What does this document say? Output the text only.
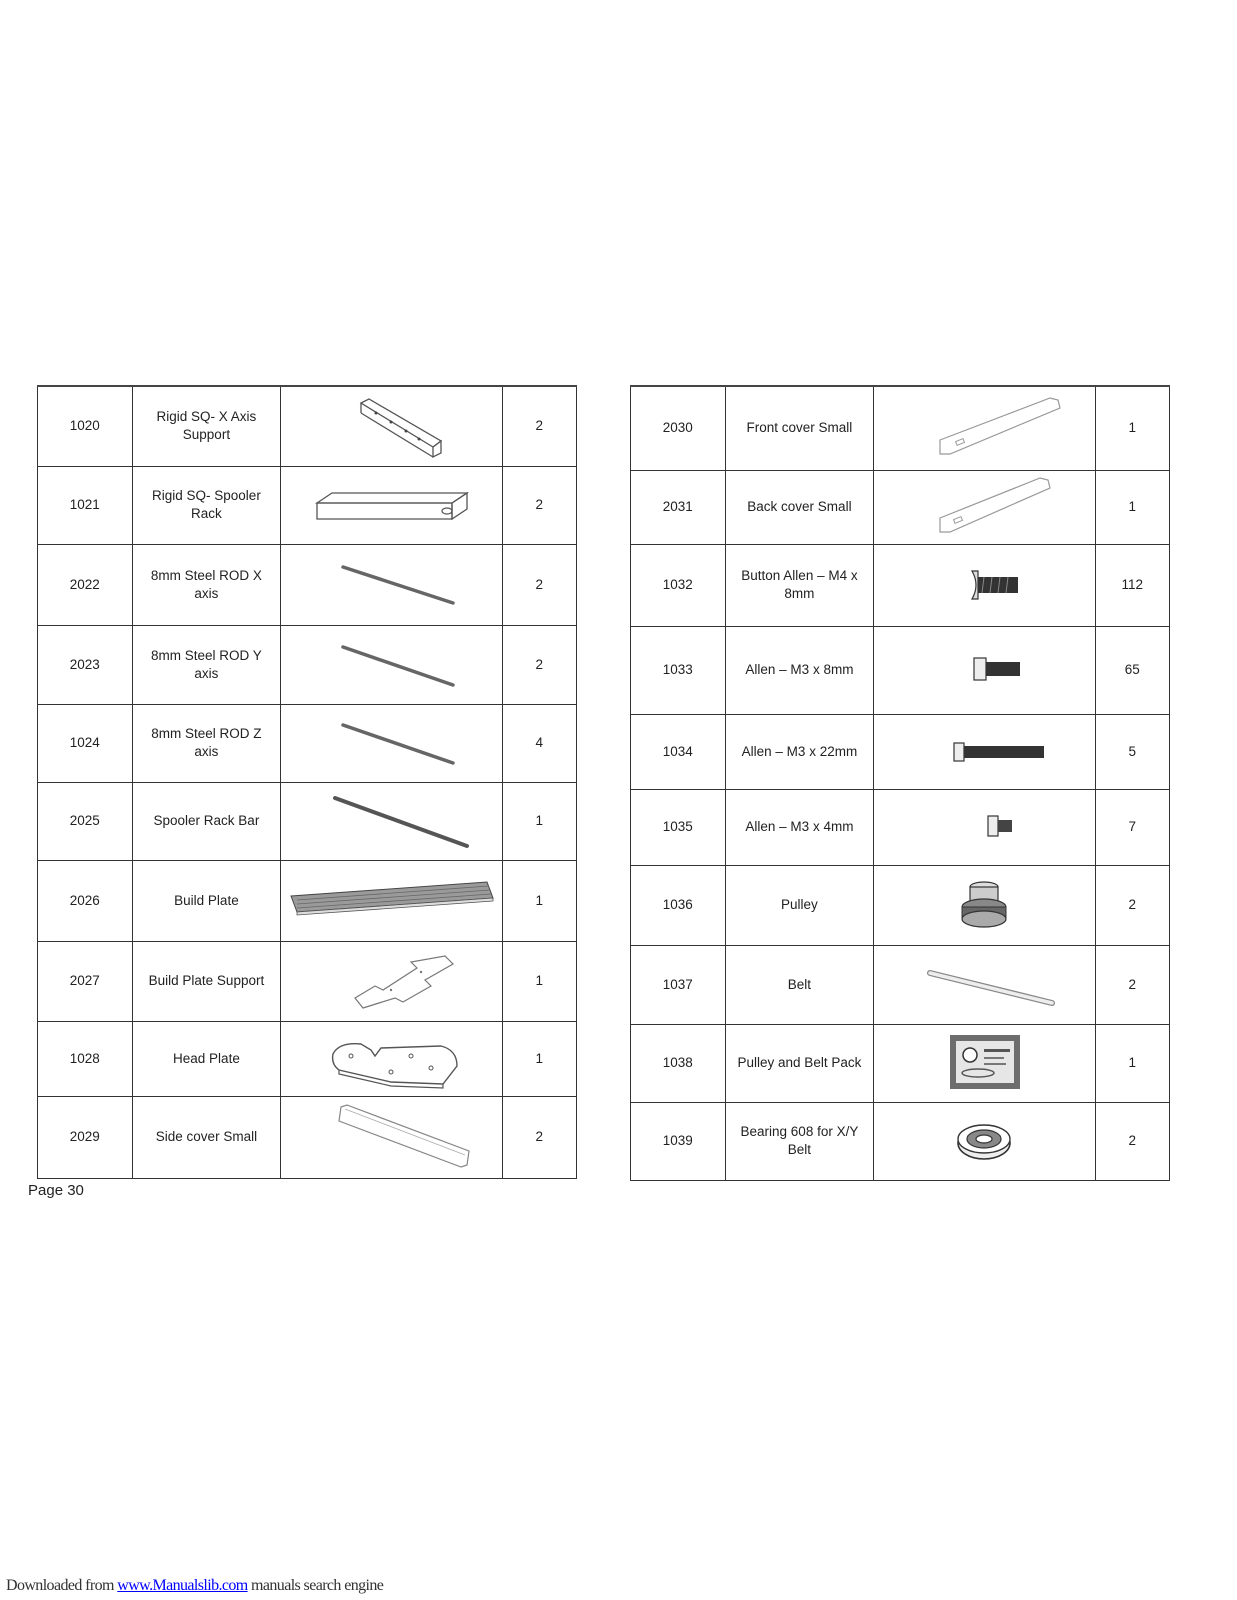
1020	Rigid SQ- X Axis Support		2
1021	Rigid SQ- Spooler Rack		2
2022	8mm Steel ROD X axis		2
2023	8mm Steel ROD Y axis		2
1024	8mm Steel ROD Z axis		4
2025	Spooler Rack Bar		1
2026	Build Plate		1
2027	Build Plate Support		1
1028	Head Plate		1
2029	Side cover Small		2
2030	Front cover Small		1
2031	Back cover Small		1
1032	Button Allen – M4 x 8mm		112
1033	Allen – M3 x 8mm		65
1034	Allen – M3 x 22mm		5
1035	Allen – M3 x 4mm		7
1036	Pulley		2
1037	Belt		2
1038	Pulley and Belt Pack		1
1039	Bearing 608 for X/Y Belt		2
Page 30
Downloaded from www.Manualslib.com manuals search engine
